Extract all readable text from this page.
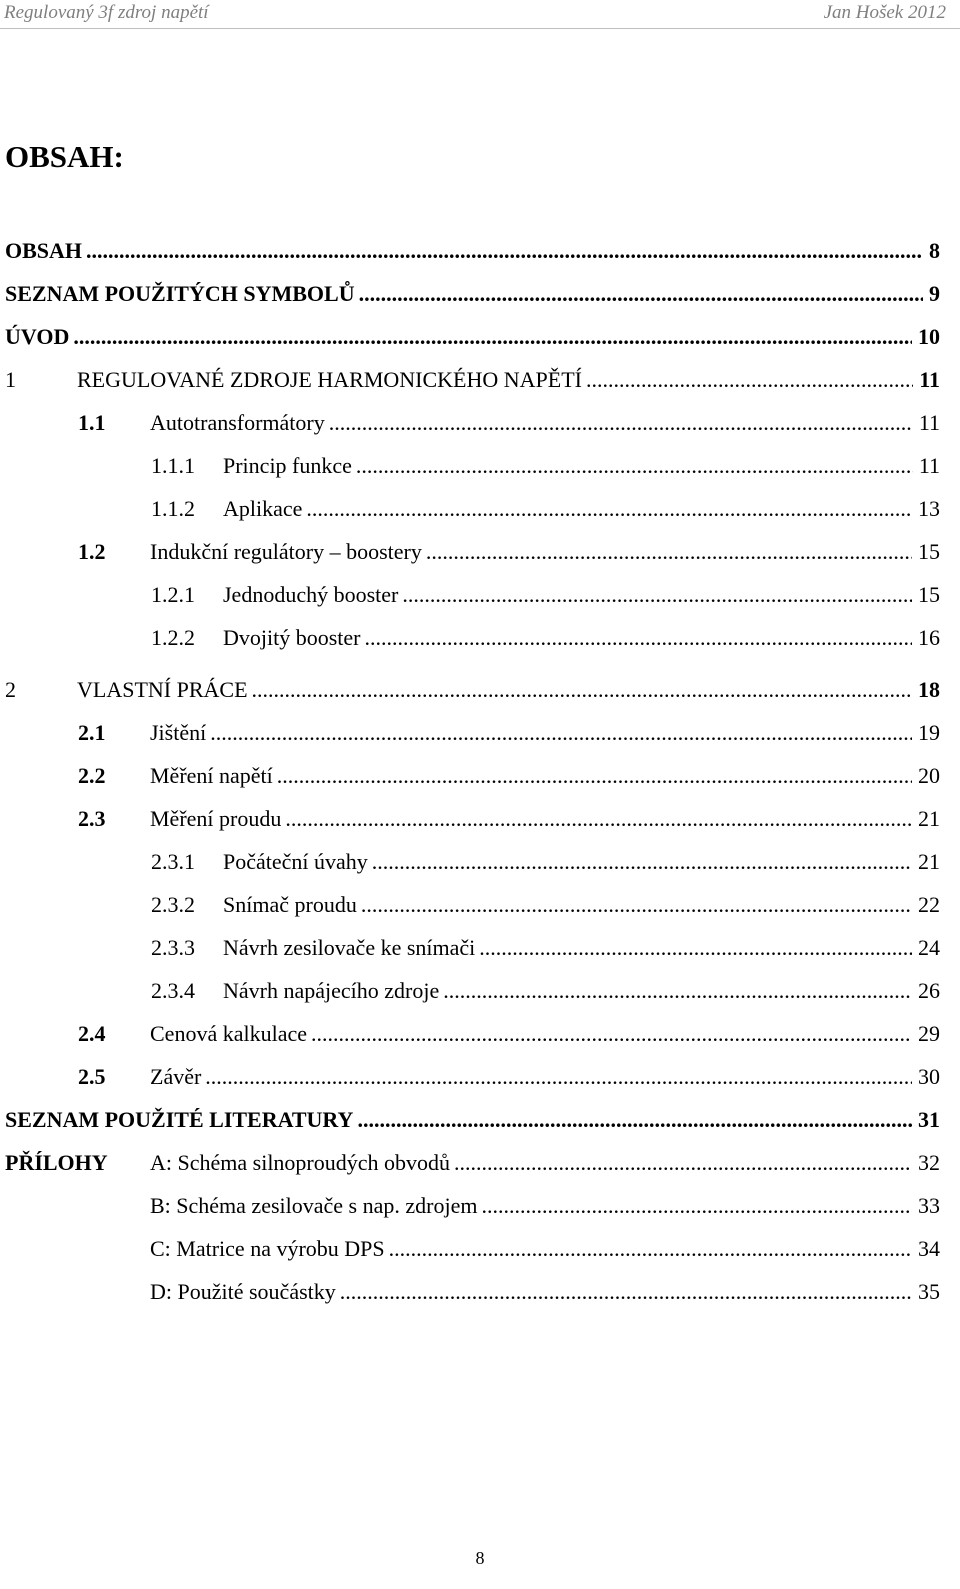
Regulovaný 3f zdroj napětí	Jan Hošek 2012
OBSAH:
OBSAH .....	8
SEZNAM POUŽITÝCH SYMBOLŮ .....	9
ÚVOD .....	10
1	REGULOVANÉ ZDROJE HARMONICKÉHO NAPĚTÍ .....	11
1.1	Autotransformátory .....	11
1.1.1	Princip funkce .....	11
1.1.2	Aplikace .....	13
1.2	Indukční regulátory – boostery .....	15
1.2.1	Jednoduchý booster .....	15
1.2.2	Dvojitý booster .....	16
2	VLASTNÍ PRÁCE .....	18
2.1	Jištění .....	19
2.2	Měření napětí .....	20
2.3	Měření proudu .....	21
2.3.1	Počáteční úvahy .....	21
2.3.2	Snímač proudu .....	22
2.3.3	Návrh zesilovače ke snímači .....	24
2.3.4	Návrh napájecího zdroje .....	26
2.4	Cenová kalkulace .....	29
2.5	Závěr .....	30
SEZNAM POUŽITÉ LITERATURY .....	31
PŘÍLOHY	A: Schéma silnoproudých obvodů .....	32
B: Schéma zesilovače s nap. zdrojem .....	33
C: Matrice na výrobu DPS .....	34
D: Použité součástky .....	35
8
